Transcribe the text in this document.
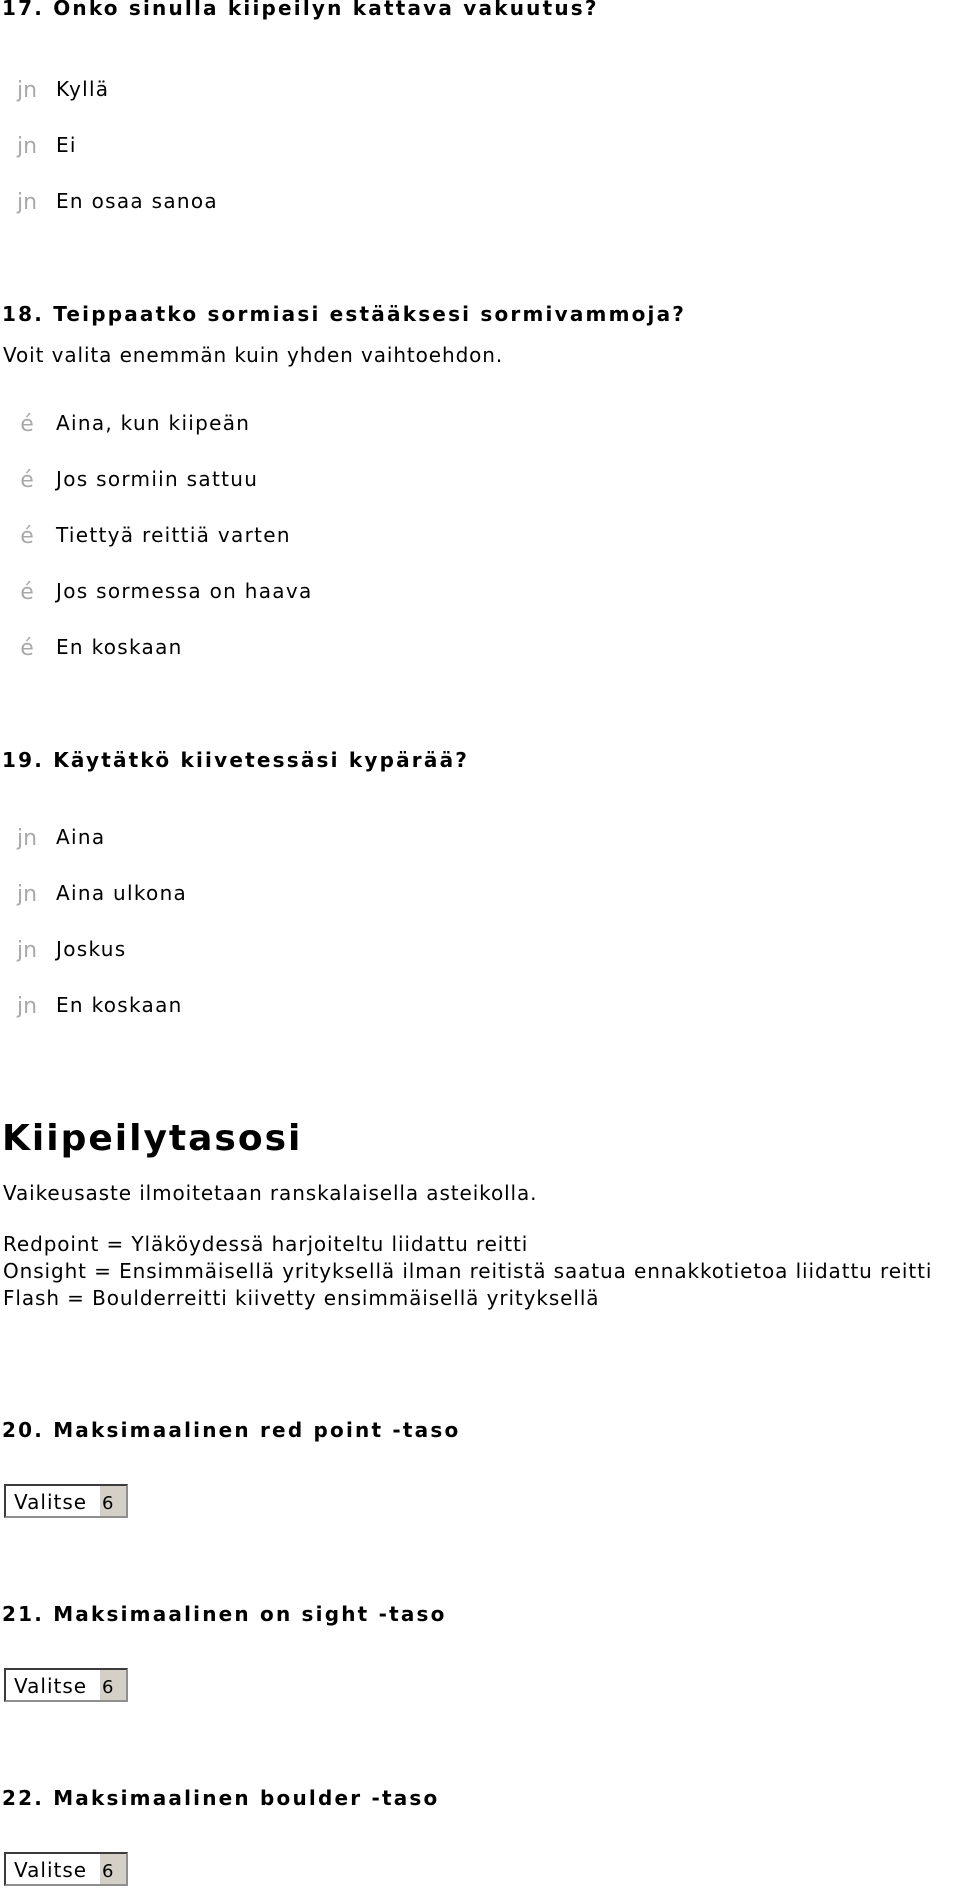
17. Onko sinulla kiipeilyn kattava vakuutus?
jn Kyllä
jn Ei
jn En osaa sanoa
18. Teippaatko sormiasi estääksesi sormivammoja?

Voit valita enemmän kuin yhden vaihtoehdon.

é	Aina, kun kiipeän
é	Jos sormiin sattuu
é	Tiettyä reittiä varten
é	Jos sormessa on haava
é	En koskaan
19. Käytätkö kiivetessäsi kypärää?
jn Aina
jn Aina ulkona
jn Joskus
jn En koskaan
Kiipeilytasosi

Vaikeusaste ilmoitetaan ranskalaisella asteikolla.

Redpoint = Yläköydessä harjoiteltu liidattu reitti

Onsight = Ensimmäisellä yrityksellä ilman reitistä saatua ennakkotietoa liidattu reitti

Flash = Boulderreitti kiivetty ensimmäisellä yrityksellä

20. Maksimaalinen red point -taso
Valitse 6
21. Maksimaalinen on sight -taso
Valitse 6
22. Maksimaalinen boulder -taso
Valitse 6
